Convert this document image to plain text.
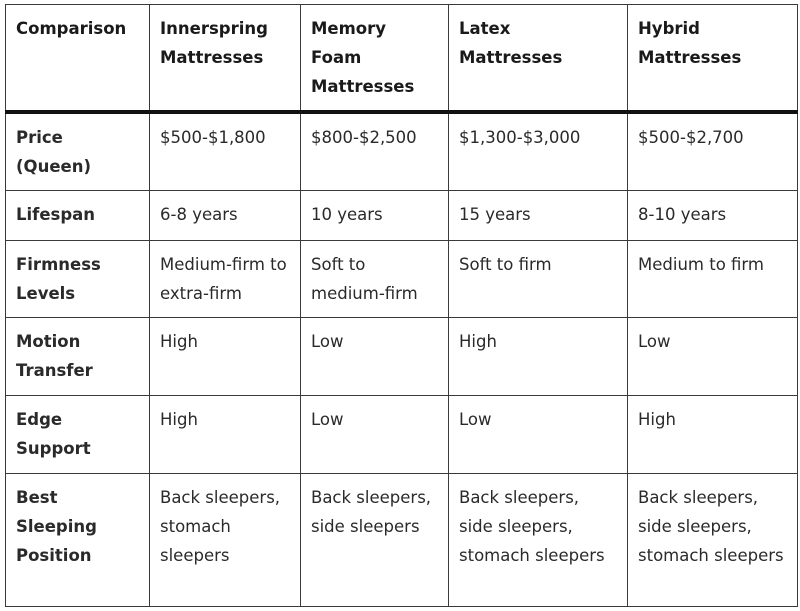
Comparison	Innerspring Mattresses	Memory Foam Mattresses	Latex Mattresses	Hybrid Mattresses
Price (Queen)	$500-$1,800	$800-$2,500	$1,300-$3,000	$500-$2,700
Lifespan	6-8 years	10 years	15 years	8-10 years
Firmness Levels	Medium-firm to extra-firm	Soft to medium-firm	Soft to firm	Medium to firm
Motion Transfer	High	Low	High	Low
Edge Support	High	Low	Low	High
Best Sleeping Position	Back sleepers, stomach sleepers	Back sleepers, side sleepers	Back sleepers, side sleepers, stomach sleepers	Back sleepers, side sleepers, stomach sleepers
